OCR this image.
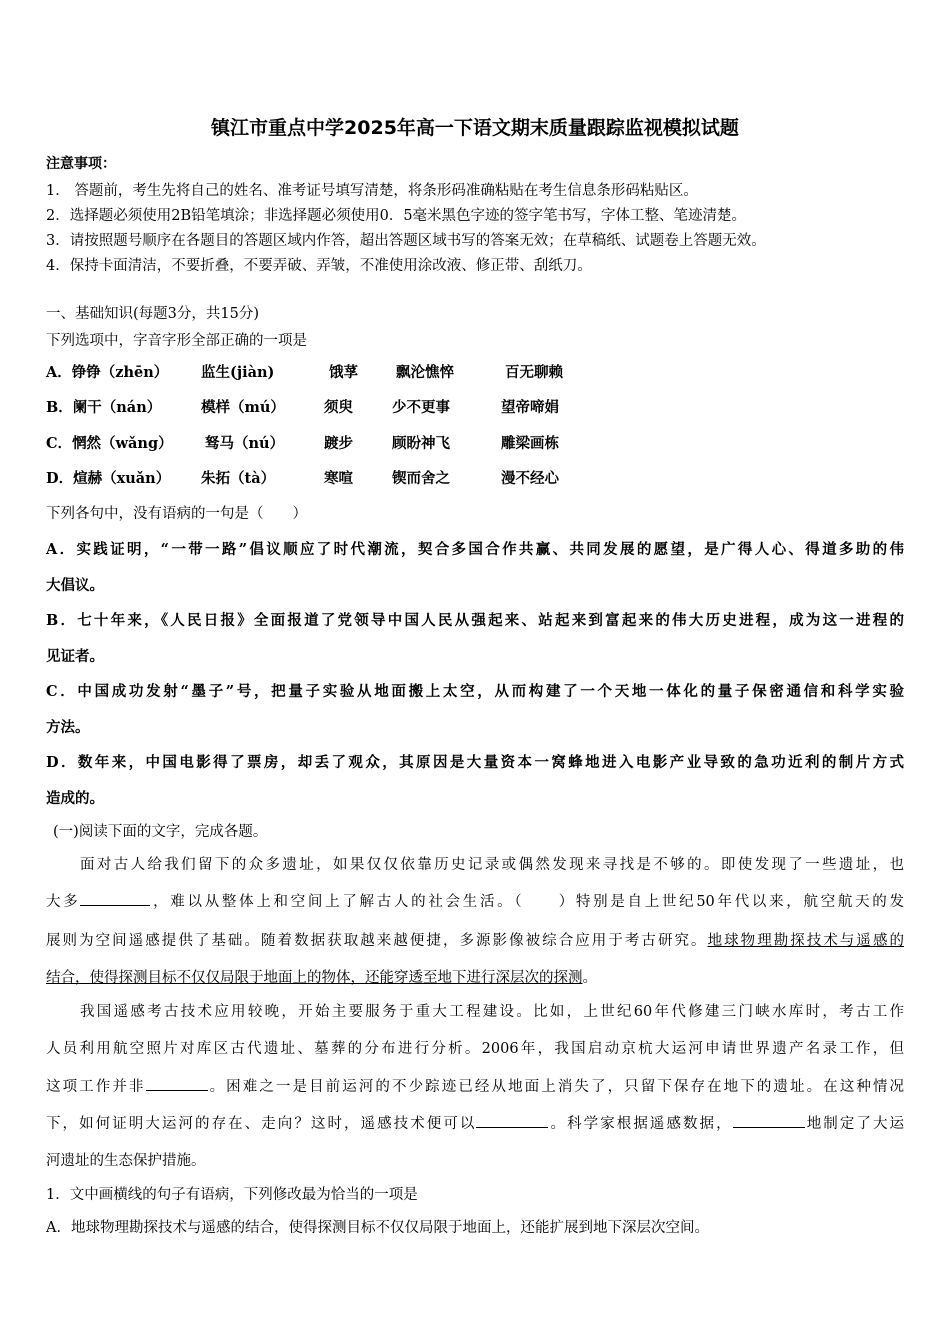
镇江市重点中学2025年高一下语文期末质量跟踪监视模拟试题
注意事项：
1． 答题前，考生先将自己的姓名、准考证号填写清楚，将条形码准确粘贴在考生信息条形码粘贴区。
2．选择题必须使用2B铅笔填涂；非选择题必须使用0．5毫米黑色字迹的签字笔书写，字体工整、笔迹清楚。
3．请按照题号顺序在各题目的答题区域内作答，超出答题区域书写的答案无效；在草稿纸、试题卷上答题无效。
4．保持卡面清洁，不要折叠，不要弄破、弄皱，不准使用涂改液、修正带、刮纸刀。
一、基础知识(每题3分，共15分)
下列选项中，字音字形全部正确的一项是
A．铮铮（zhēn） 监生(jiàn)	饿莩	飘沦憔悴	百无聊赖
B．阑干（nán）	模样（mú）	须臾	少不更事	望帝啼娟
C．惘然（wǎng） 驽马（nú）	踱步	顾盼神飞	雕梁画栋
D．煊赫（xuǎn） 朱拓（tà）	寒喧	锲而舍之	漫不经心
下列各句中，没有语病的一句是（　　）
A．实践证明，“一带一路”倡议顺应了时代潮流，契合多国合作共赢、共同发展的愿望，是广得人心、得道多助的伟
大倡议。
B．七十年来，《人民日报》全面报道了党领导中国人民从强起来、站起来到富起来的伟大历史进程，成为这一进程的
见证者。
C．中国成功发射“墨子”号，把量子实验从地面搬上太空，从而构建了一个天地一体化的量子保密通信和科学实验
方法。
D．数年来，中国电影得了票房，却丢了观众，其原因是大量资本一窝蜂地进入电影产业导致的急功近利的制片方式
造成的。
(一)阅读下面的文字，完成各题。
面对古人给我们留下的众多遗址，如果仅仅依靠历史记录或偶然发现来寻找是不够的。即使发现了一些遗址，也
大多	，难以从整体上和空间上了解古人的社会生活。（　　）特别是自上世纪50年代以来，航空航天的发
展则为空间遥感提供了基础。随着数据获取越来越便捷，多源影像被综合应用于考古研究。地球物理勘探技术与遥感的
结合，使得探测目标不仅仅局限于地面上的物体，还能穿透至地下进行深层次的探测。
我国遥感考古技术应用较晚，开始主要服务于重大工程建设。比如，上世纪60年代修建三门峡水库时，考古工作
人员利用航空照片对库区古代遗址、墓葬的分布进行分析。2006年，我国启动京杭大运河申请世界遗产名录工作，但
这项工作并非	。困难之一是目前运河的不少踪迹已经从地面上消失了，只留下保存在地下的遗址。在这种情况
下，如何证明大运河的存在、走向？这时，遥感技术便可以	。科学家根据遥感数据，	地制定了大运
河遗址的生态保护措施。
1．文中画横线的句子有语病，下列修改最为恰当的一项是
A．地球物理勘探技术与遥感的结合，使得探测目标不仅仅局限于地面上，还能扩展到地下深层次空间。
